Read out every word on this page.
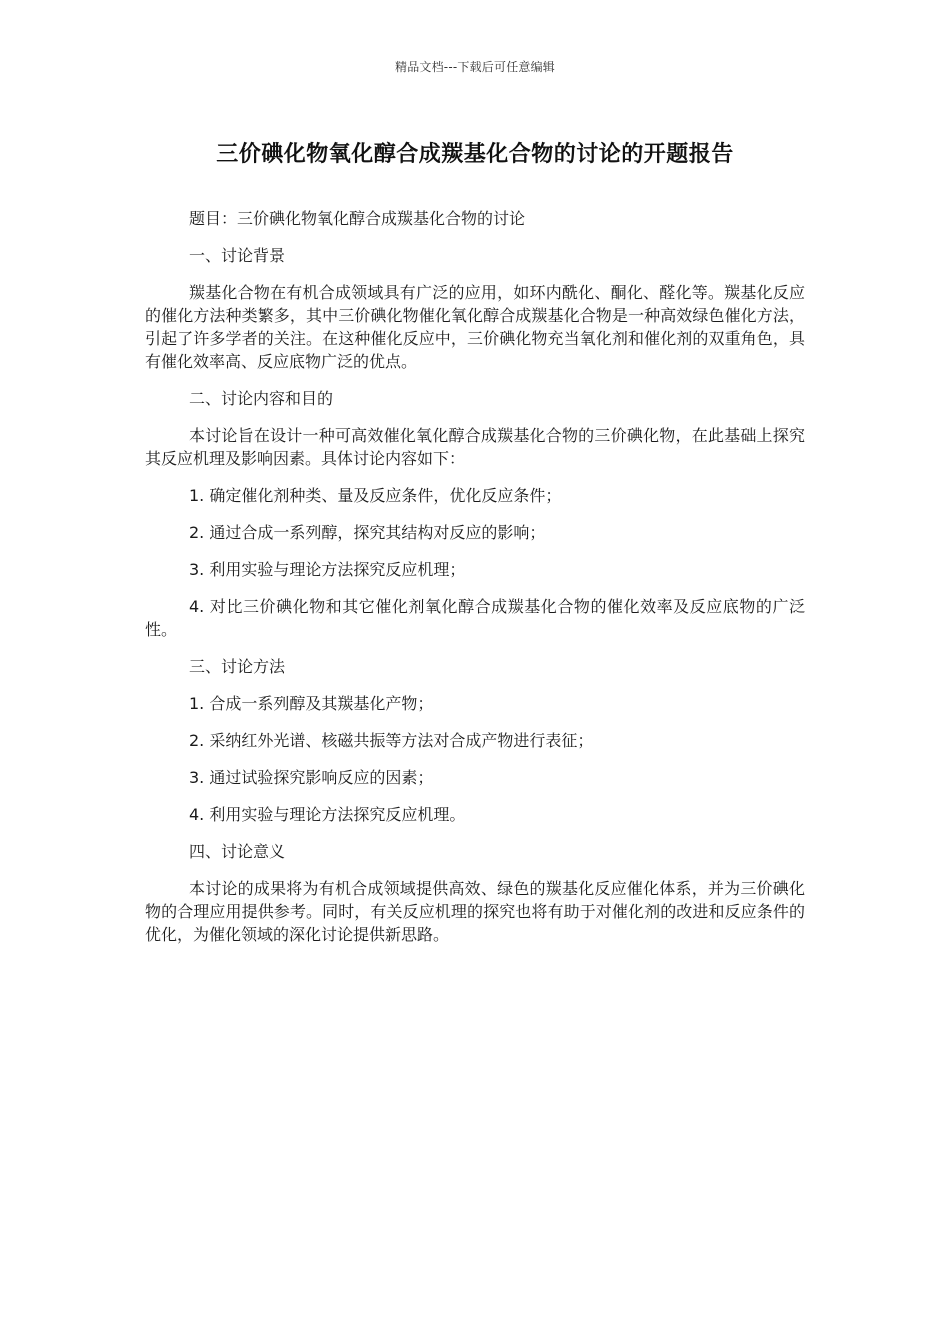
精品文档---下载后可任意编辑
三价碘化物氧化醇合成羰基化合物的讨论的开题报告

题目：三价碘化物氧化醇合成羰基化合物的讨论

一、讨论背景

羰基化合物在有机合成领域具有广泛的应用，如环内酰化、酮化、醛化等。羰基化反应的催化方法种类繁多，其中三价碘化物催化氧化醇合成羰基化合物是一种高效绿色催化方法，引起了许多学者的关注。在这种催化反应中，三价碘化物充当氧化剂和催化剂的双重角色，具有催化效率高、反应底物广泛的优点。

二、讨论内容和目的

本讨论旨在设计一种可高效催化氧化醇合成羰基化合物的三价碘化物，在此基础上探究其反应机理及影响因素。具体讨论内容如下：

1. 确定催化剂种类、量及反应条件，优化反应条件；

2. 通过合成一系列醇，探究其结构对反应的影响；

3. 利用实验与理论方法探究反应机理；

4. 对比三价碘化物和其它催化剂氧化醇合成羰基化合物的催化效率及反应底物的广泛性。

三、讨论方法

1. 合成一系列醇及其羰基化产物；

2. 采纳红外光谱、核磁共振等方法对合成产物进行表征；

3. 通过试验探究影响反应的因素；

4. 利用实验与理论方法探究反应机理。

四、讨论意义

本讨论的成果将为有机合成领域提供高效、绿色的羰基化反应催化体系，并为三价碘化物的合理应用提供参考。同时，有关反应机理的探究也将有助于对催化剂的改进和反应条件的优化，为催化领域的深化讨论提供新思路。
